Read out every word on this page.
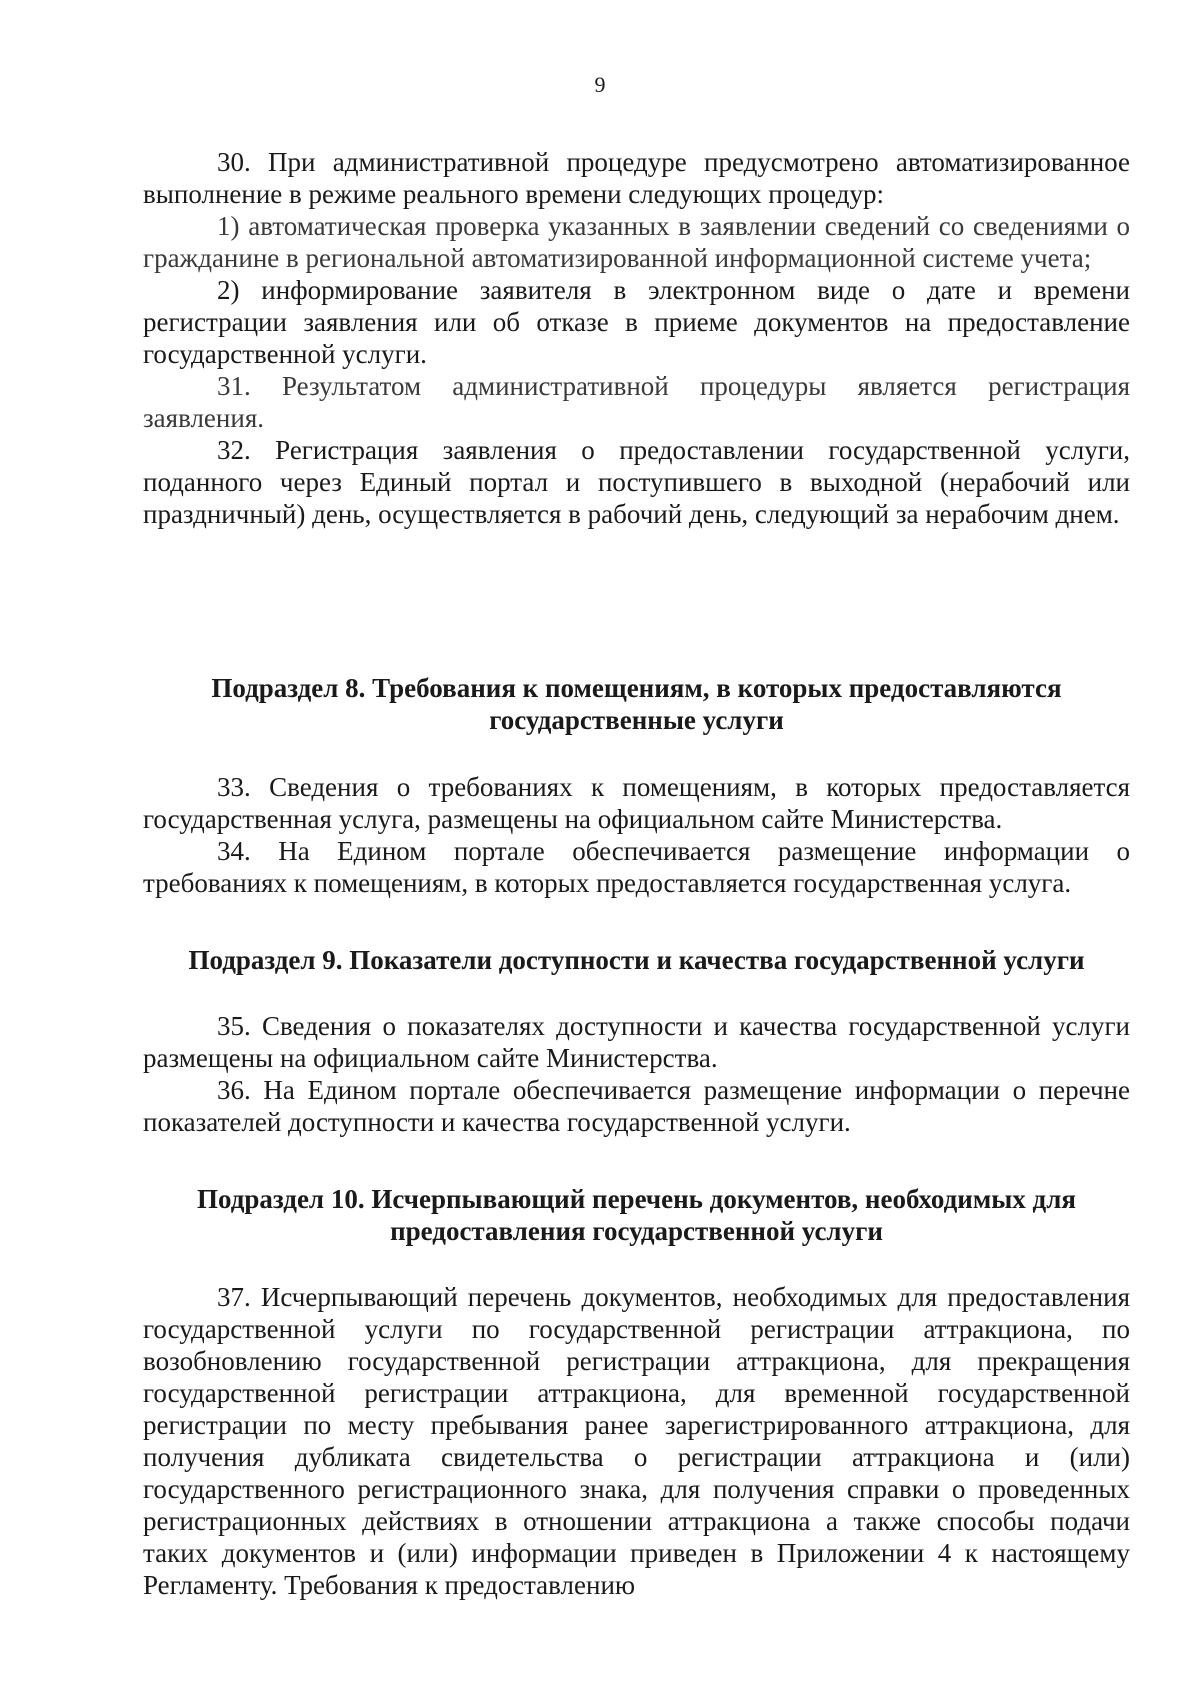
9

30. При административной процедуре предусмотрено автоматизированное выполнение в режиме реального времени следующих процедур:

1) автоматическая проверка указанных в заявлении сведений со сведениями о гражданине в региональной автоматизированной информационной системе учета;

2) информирование заявителя в электронном виде о дате и времени регистрации заявления или об отказе в приеме документов на предоставление государственной услуги.

31. Результатом административной процедуры является регистрация заявления.

32. Регистрация заявления о предоставлении государственной услуги, поданного через Единый портал и поступившего в выходной (нерабочий или праздничный) день, осуществляется в рабочий день, следующий за нерабочим днем.

Подраздел 8. Требования к помещениям, в которых предоставляются

государственные услуги

33. Сведения о требованиях к помещениям, в которых предоставляется государственная услуга, размещены на официальном сайте Министерства.

34. На Едином портале обеспечивается размещение информации о требованиях к помещениям, в которых предоставляется государственная услуга.

Подраздел 9. Показатели доступности и качества государственной услуги

35. Сведения о показателях доступности и качества государственной услуги размещены на официальном сайте Министерства.

36. На Едином портале обеспечивается размещение информации о перечне показателей доступности и качества государственной услуги.

Подраздел 10. Исчерпывающий перечень документов, необходимых для

предоставления государственной услуги

37. Исчерпывающий перечень документов, необходимых для предоставления государственной услуги по государственной регистрации аттракциона, по возобновлению государственной регистрации аттракциона, для прекращения государственной регистрации аттракциона, для временной государственной регистрации по месту пребывания ранее зарегистрированного аттракциона, для получения дубликата свидетельства о регистрации аттракциона и (или) государственного регистрационного знака, для получения справки о проведенных регистрационных действиях в отношении аттракциона а также способы подачи таких документов и (или) информации приведен в Приложении 4 к настоящему Регламенту. Требования к предоставлению
